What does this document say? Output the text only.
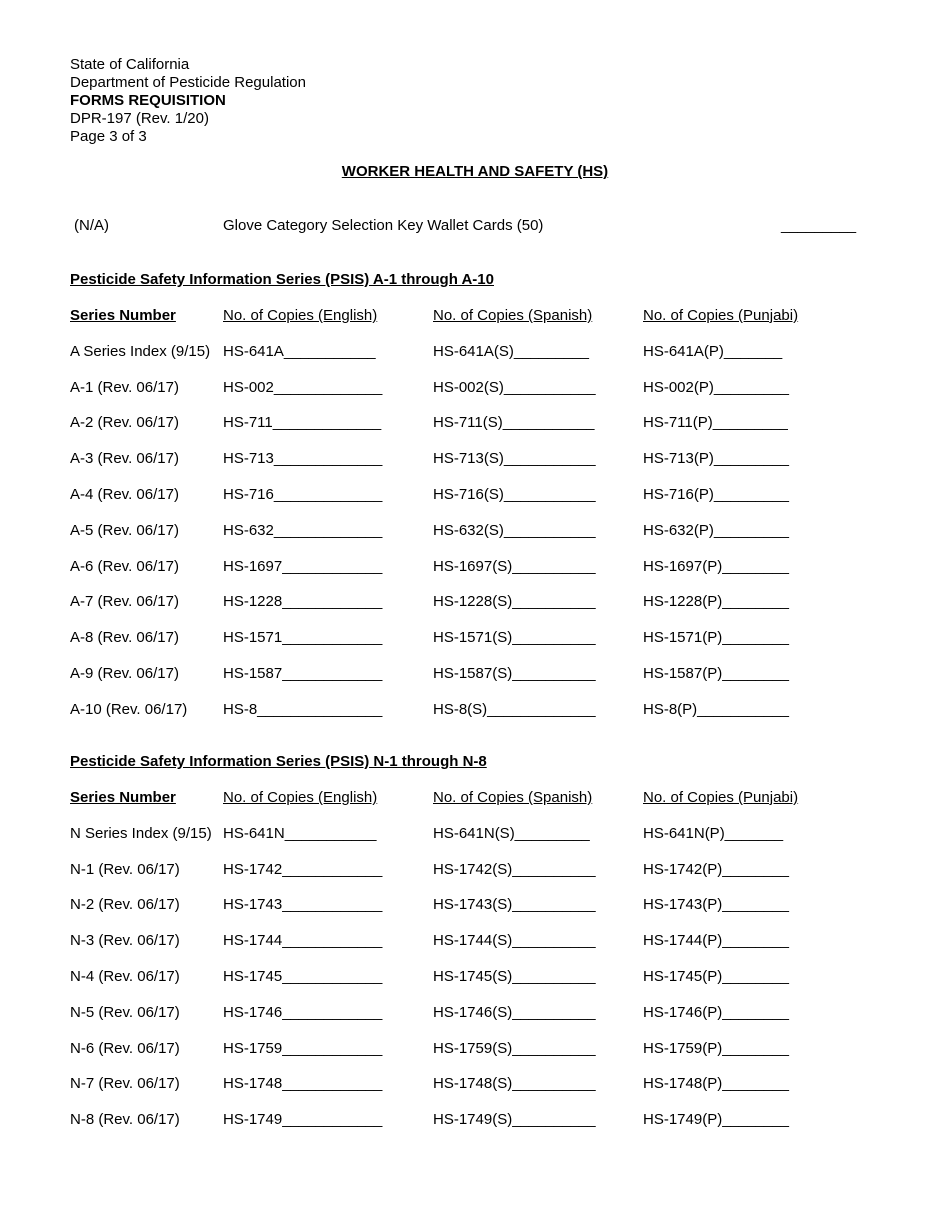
State of California
Department of Pesticide Regulation
FORMS REQUISITION
DPR-197 (Rev. 1/20)
Page 3 of 3
WORKER HEALTH AND SAFETY (HS)
(N/A)	Glove Category Selection Key Wallet Cards (50)	_________
Pesticide Safety Information Series (PSIS) A-1 through A-10
Series Number	No. of Copies (English)	No. of Copies (Spanish)	No. of Copies (Punjabi)
A Series Index (9/15) HS-641A___________	HS-641A(S)_________	HS-641A(P)_______
A-1 (Rev. 06/17)	HS-002_____________	HS-002(S)___________	HS-002(P)_________
A-2 (Rev. 06/17)	HS-711_____________	HS-711(S)___________	HS-711(P)_________
A-3 (Rev. 06/17)	HS-713_____________	HS-713(S)___________	HS-713(P)_________
A-4 (Rev. 06/17)	HS-716_____________	HS-716(S)___________	HS-716(P)_________
A-5 (Rev. 06/17)	HS-632_____________	HS-632(S)___________	HS-632(P)_________
A-6 (Rev. 06/17)	HS-1697____________	HS-1697(S)__________	HS-1697(P)________
A-7 (Rev. 06/17)	HS-1228____________	HS-1228(S)__________	HS-1228(P)________
A-8 (Rev. 06/17)	HS-1571____________	HS-1571(S)__________	HS-1571(P)________
A-9 (Rev. 06/17)	HS-1587____________	HS-1587(S)__________	HS-1587(P)________
A-10 (Rev. 06/17) HS-8_______________	HS-8(S)_____________	HS-8(P)___________
Pesticide Safety Information Series (PSIS) N-1 through N-8
Series Number	No. of Copies (English)	No. of Copies (Spanish)	No. of Copies (Punjabi)
N Series Index (9/15) HS-641N___________	HS-641N(S)_________	HS-641N(P)_______
N-1 (Rev. 06/17)	HS-1742____________	HS-1742(S)__________	HS-1742(P)________
N-2 (Rev. 06/17)	HS-1743____________	HS-1743(S)__________	HS-1743(P)________
N-3 (Rev. 06/17)	HS-1744____________	HS-1744(S)__________	HS-1744(P)________
N-4 (Rev. 06/17)	HS-1745____________	HS-1745(S)__________	HS-1745(P)________
N-5 (Rev. 06/17)	HS-1746____________	HS-1746(S)__________	HS-1746(P)________
N-6 (Rev. 06/17)	HS-1759____________	HS-1759(S)__________	HS-1759(P)________
N-7 (Rev. 06/17)	HS-1748____________	HS-1748(S)__________	HS-1748(P)________
N-8 (Rev. 06/17)	HS-1749____________	HS-1749(S)__________	HS-1749(P)________
